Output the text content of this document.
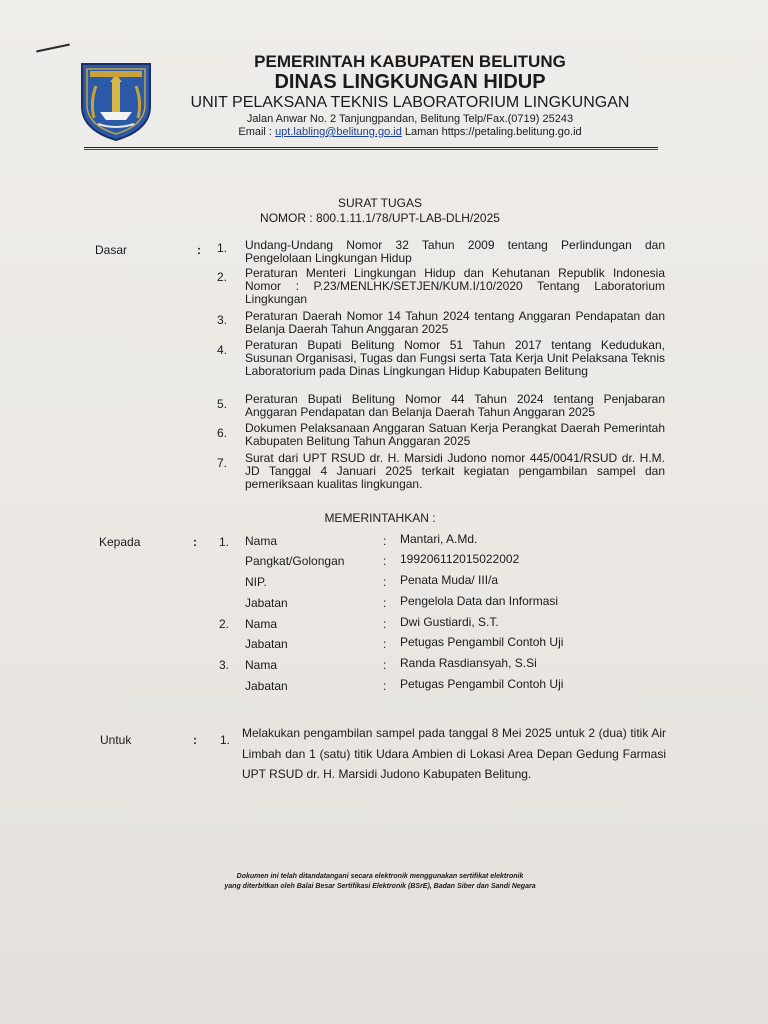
PEMERINTAH KABUPATEN BELITUNG
DINAS LINGKUNGAN HIDUP
UNIT PELAKSANA TEKNIS LABORATORIUM LINGKUNGAN
Jalan Anwar No. 2 Tanjungpandan, Belitung Telp/Fax.(0719) 25243
Email : upt.labling@belitung.go.id Laman https://petaling.belitung.go.id
SURAT TUGAS
NOMOR : 800.1.11.1/78/UPT-LAB-DLH/2025
Dasar	: 1. Undang-Undang Nomor 32 Tahun 2009 tentang Perlindungan dan Pengelolaan Lingkungan Hidup
2. Peraturan Menteri Lingkungan Hidup dan Kehutanan Republik Indonesia Nomor : P.23/MENLHK/SETJEN/KUM.I/10/2020 Tentang Laboratorium Lingkungan
3. Peraturan Daerah Nomor 14 Tahun 2024 tentang Anggaran Pendapatan dan Belanja Daerah Tahun Anggaran 2025
4. Peraturan Bupati Belitung Nomor 51 Tahun 2017 tentang Kedudukan, Susunan Organisasi, Tugas dan Fungsi serta Tata Kerja Unit Pelaksana Teknis Laboratorium pada Dinas Lingkungan Hidup Kabupaten Belitung
5. Peraturan Bupati Belitung Nomor 44 Tahun 2024 tentang Penjabaran Anggaran Pendapatan dan Belanja Daerah Tahun Anggaran 2025
6. Dokumen Pelaksanaan Anggaran Satuan Kerja Perangkat Daerah Pemerintah Kabupaten Belitung Tahun Anggaran 2025
7. Surat dari UPT RSUD dr. H. Marsidi Judono nomor 445/0041/RSUD dr. H.M. JD Tanggal 4 Januari 2025 terkait kegiatan pengambilan sampel dan pemeriksaan kualitas lingkungan.
MEMERINTAHKAN :
Kepada	: 1. Nama	: Mantari, A.Md.
Pangkat/Golongan	: 199206112015022002
NIP.	: Penata Muda/ III/a
Jabatan	: Pengelola Data dan Informasi
2. Nama	: Dwi Gustiardi, S.T.
Jabatan	: Petugas Pengambil Contoh Uji
3. Nama	: Randa Rasdiansyah, S.Si
Jabatan	: Petugas Pengambil Contoh Uji
Untuk	: 1. Melakukan pengambilan sampel pada tanggal 8 Mei 2025 untuk 2 (dua) titik Air Limbah dan 1 (satu) titik Udara Ambien di Lokasi Area Depan Gedung Farmasi UPT RSUD dr. H. Marsidi Judono Kabupaten Belitung.
Dokumen ini telah ditandatangani secara elektronik menggunakan sertifikat elektronik
yang diterbitkan oleh Balai Besar Sertifikasi Elektronik (BSrE), Badan Siber dan Sandi Negara
